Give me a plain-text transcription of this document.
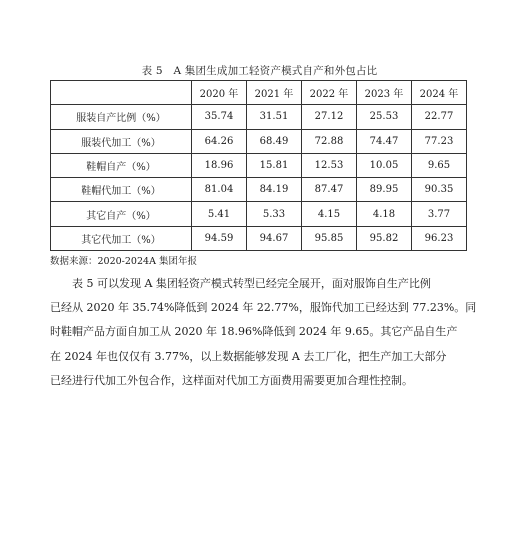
表 5　A 集团生成加工轻资产模式自产和外包占比
	2020 年	2021 年	2022 年	2023 年	2024 年
服装自产比例（%）	35.74	31.51	27.12	25.53	22.77
服装代加工（%）	64.26	68.49	72.88	74.47	77.23
鞋帽自产（%）	18.96	15.81	12.53	10.05	9.65
鞋帽代加工（%）	81.04	84.19	87.47	89.95	90.35
其它自产（%）	5.41	5.33	4.15	4.18	3.77
其它代加工（%）	94.59	94.67	95.85	95.82	96.23
数据来源：2020-2024A 集团年报

表 5 可以发现 A 集团轻资产模式转型已经完全展开，面对服饰自生产比例
已经从 2020 年 35.74%降低到 2024 年 22.77%，服饰代加工已经达到 77.23%。同
时鞋帽产品方面自加工从 2020 年 18.96%降低到 2024 年 9.65。其它产品自生产
在 2024 年也仅仅有 3.77%，以上数据能够发现 A 去工厂化，把生产加工大部分
已经进行代加工外包合作，这样面对代加工方面费用需要更加合理性控制。
